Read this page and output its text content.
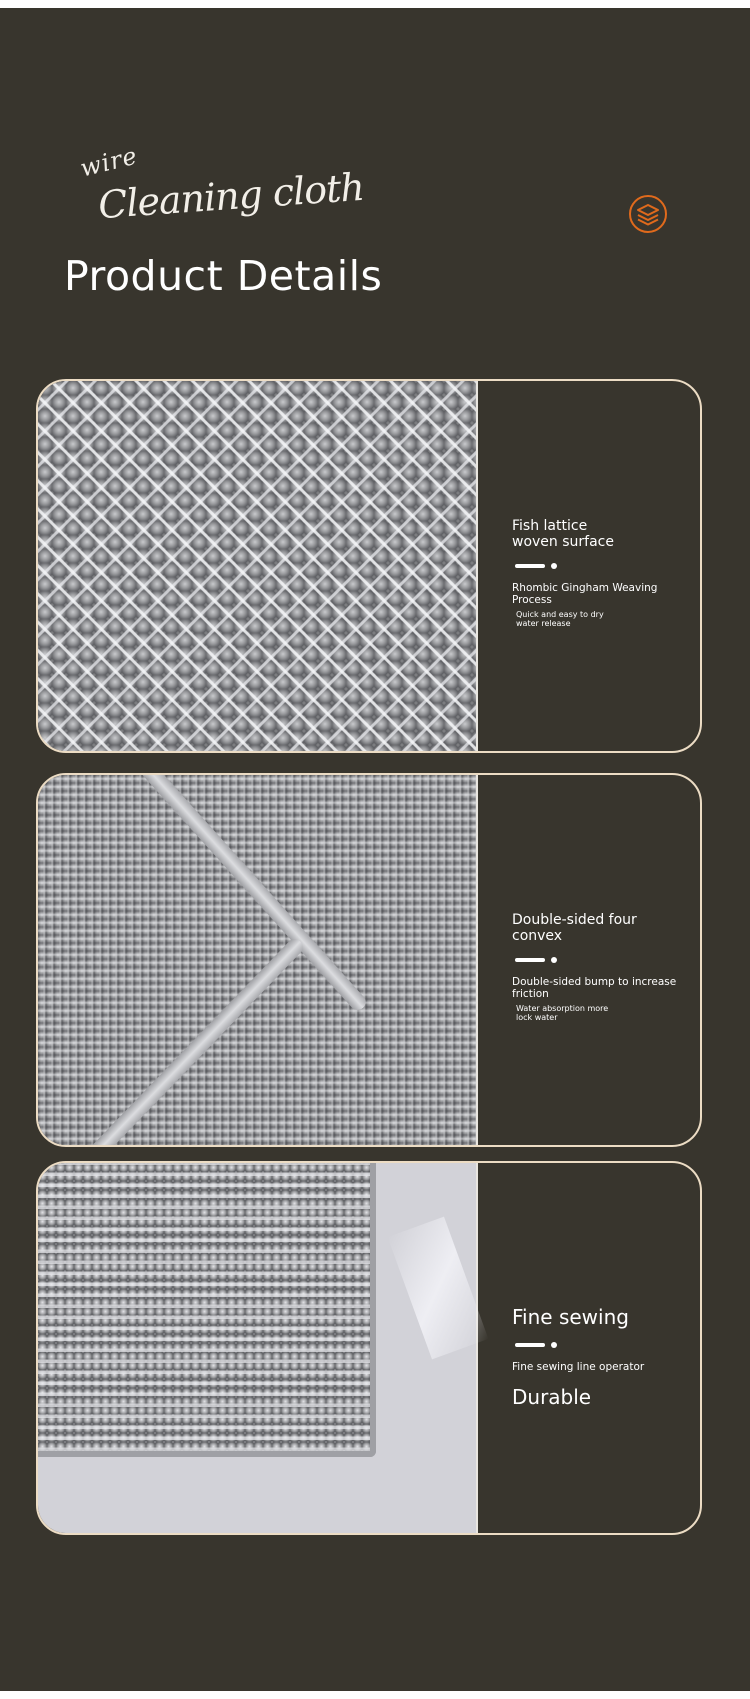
wire
Cleaning cloth
Product Details
Fish lattice
woven surface
Rhombic Gingham Weaving
Process
Quick and easy to dry
water release
Double-sided four
convex
Double-sided bump to increase
friction
Water absorption more
lock water
Fine sewing
Fine sewing line operator
Durable
